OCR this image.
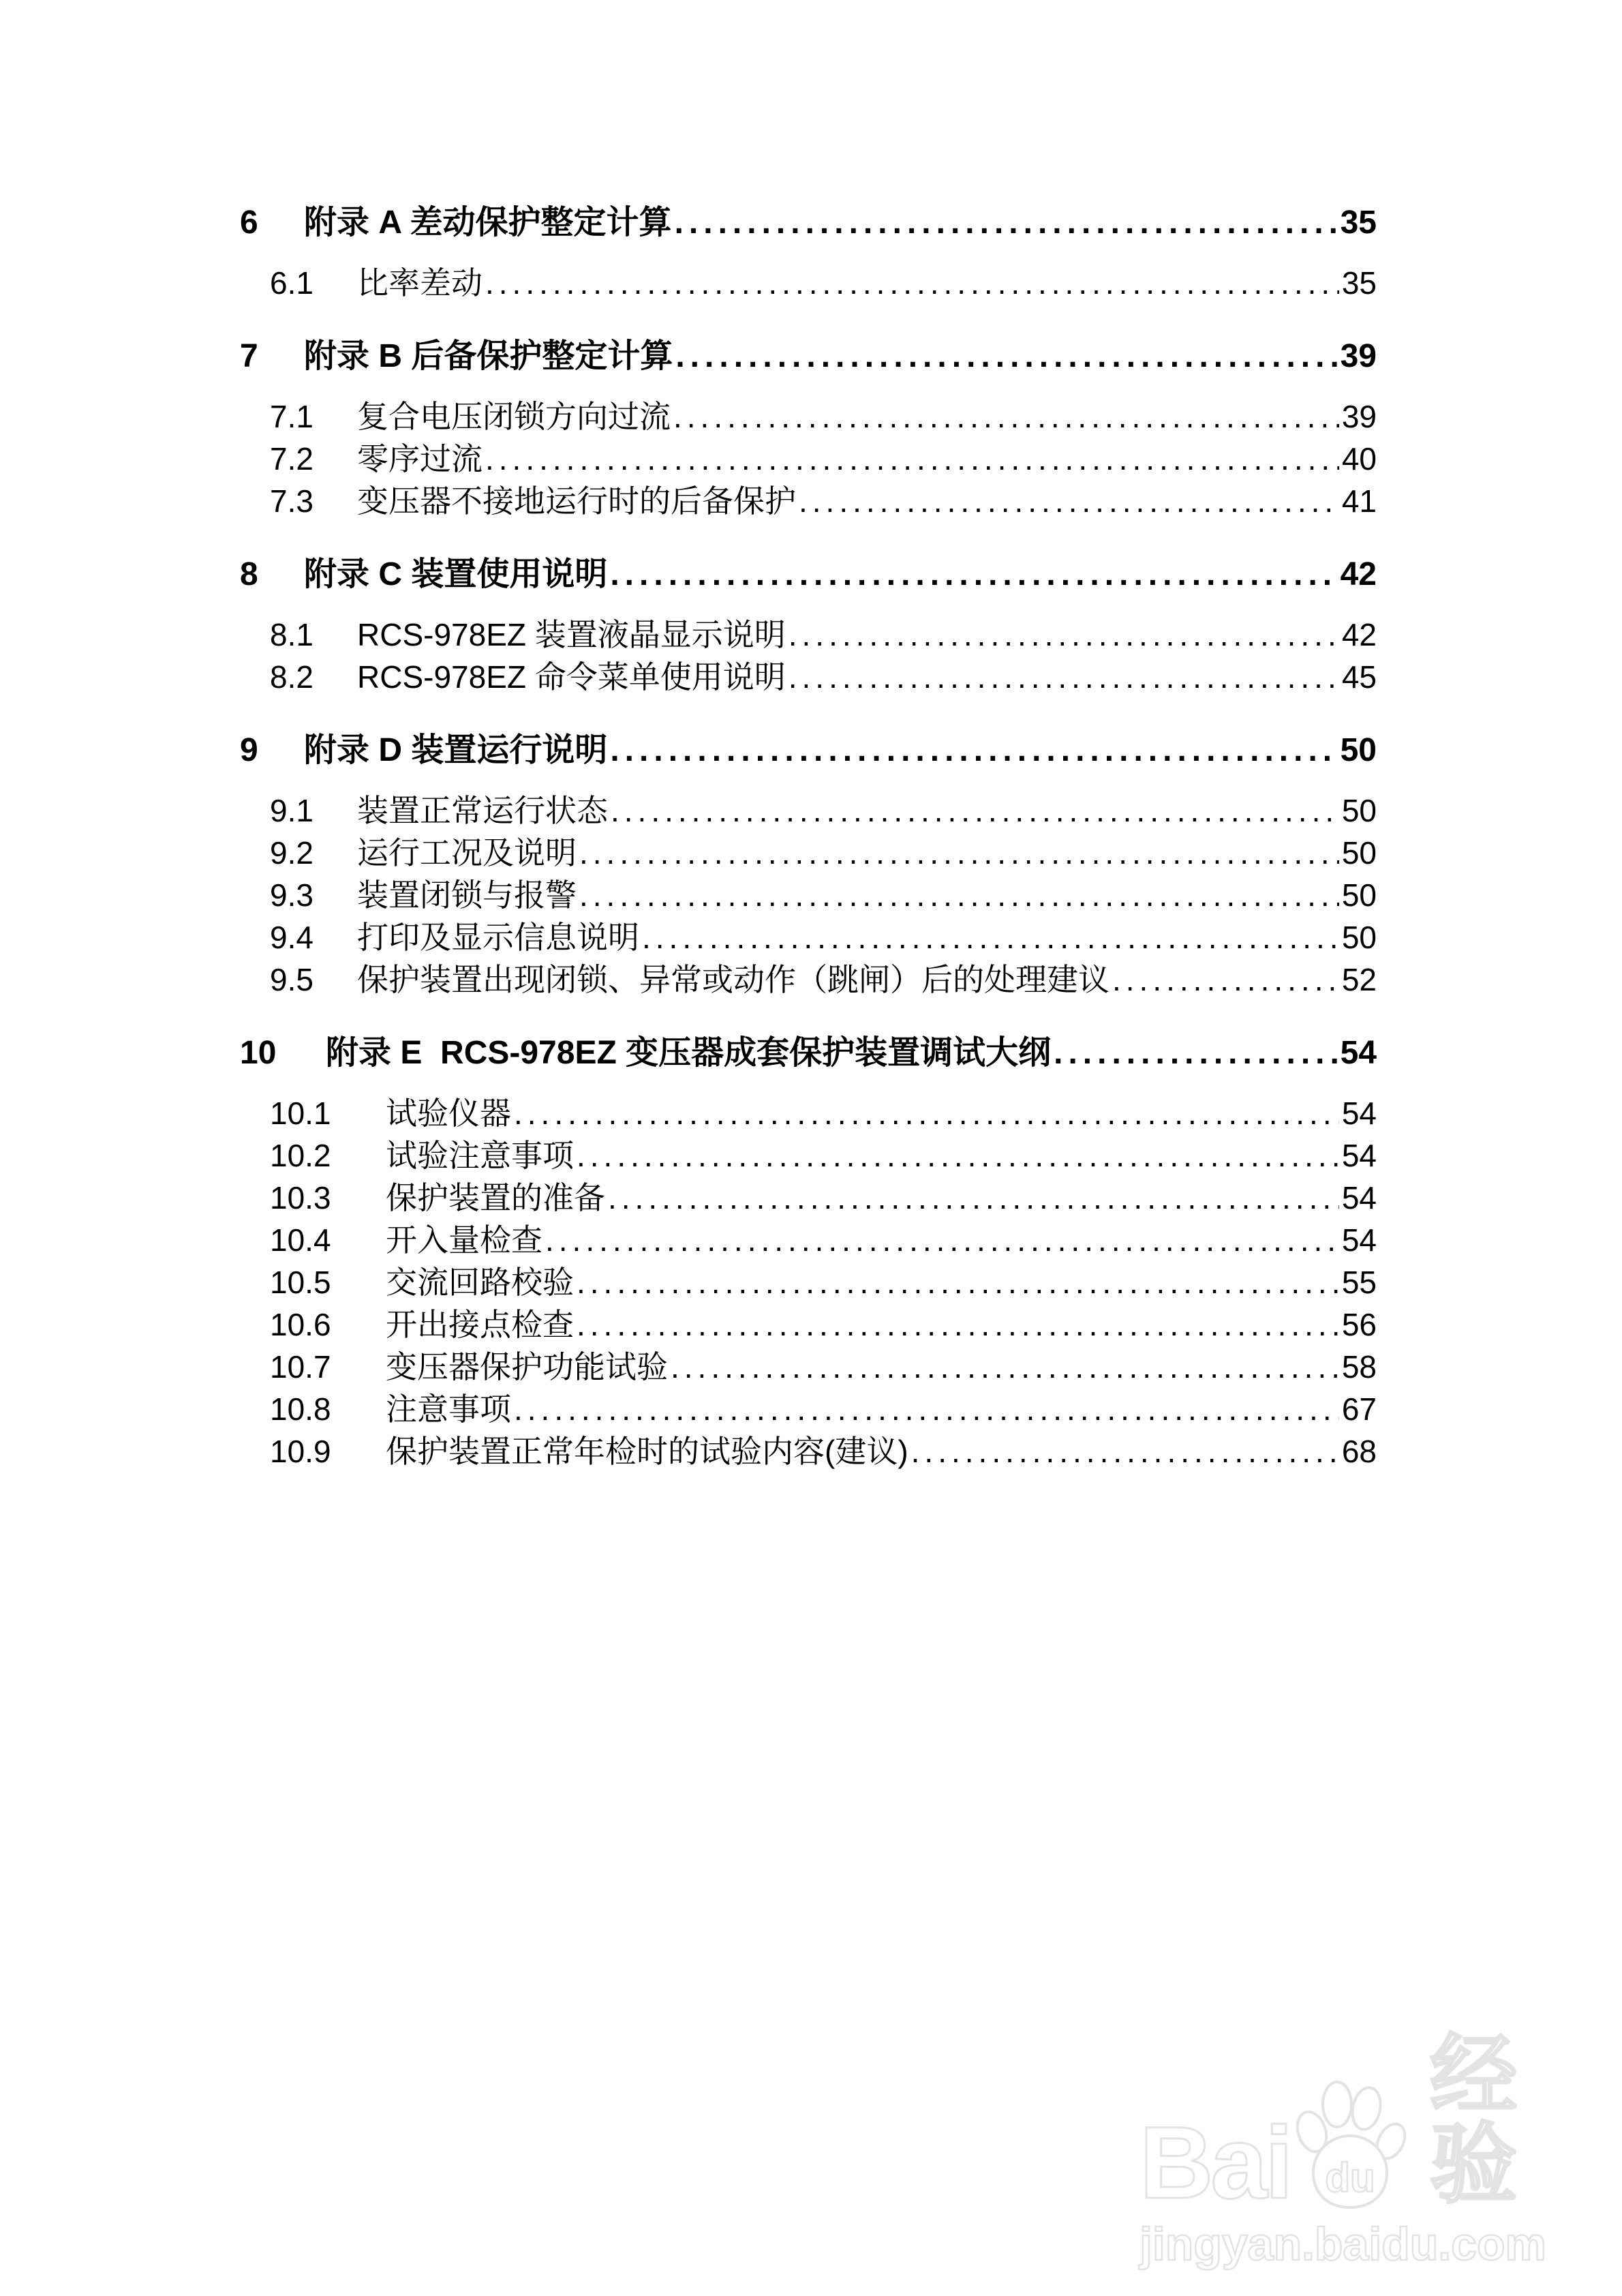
6	附录 A 差动保护整定计算 .....	35
6.1	比率差动 .....	35
7	附录 B 后备保护整定计算 .....	39
7.1	复合电压闭锁方向过流 .....	39
7.2	零序过流 .....	40
7.3	变压器不接地运行时的后备保护 .....	41
8	附录 C 装置使用说明 .....	42
8.1	RCS-978EZ 装置液晶显示说明 .....	42
8.2	RCS-978EZ 命令菜单使用说明 .....	45
9	附录 D 装置运行说明 .....	50
9.1	装置正常运行状态 .....	50
9.2	运行工况及说明 .....	50
9.3	装置闭锁与报警 .....	50
9.4	打印及显示信息说明 .....	50
9.5	保护装置出现闭锁、异常或动作（跳闸）后的处理建议 .....	52
10	附录 E  RCS-978EZ 变压器成套保护装置调试大纲 .....	54
10.1	试验仪器 .....	54
10.2	试验注意事项 .....	54
10.3	保护装置的准备 .....	54
10.4	开入量检查 .....	54
10.5	交流回路校验 .....	55
10.6	开出接点检查 .....	56
10.7	变压器保护功能试验 .....	58
10.8	注意事项 .....	67
10.9	保护装置正常年检时的试验内容(建议) .....	68
Bai du
经验
jingyan.baidu.com
